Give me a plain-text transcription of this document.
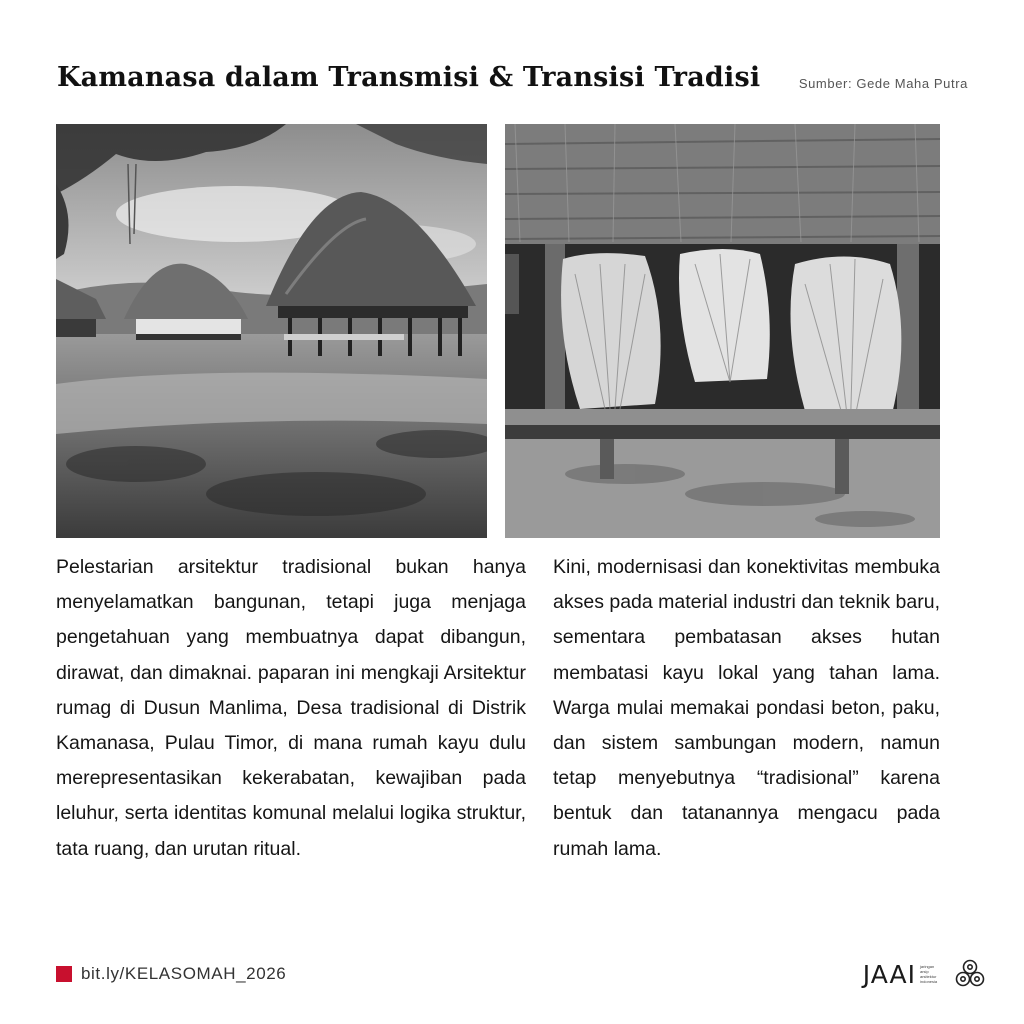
Kamanasa dalam Transmisi & Transisi Tradisi	Sumber: Gede Maha Putra

Pelestarian arsitektur tradisional bukan hanya menyelamatkan bangunan, tetapi juga menjaga pengetahuan yang membuatnya dapat dibangun, dirawat, dan dimaknai. paparan ini mengkaji Arsitektur rumag di Dusun Manlima, Desa tradisional di Distrik Kamanasa, Pulau Timor, di mana rumah kayu dulu merepresentasikan kekerabatan, kewajiban pada leluhur, serta identitas komunal melalui logika struktur, tata ruang, dan urutan ritual.

Kini, modernisasi dan konektivitas membuka akses pada material industri dan teknik baru, sementara pembatasan akses hutan membatasi kayu lokal yang tahan lama. Warga mulai memakai pondasi beton, paku, dan sistem sambungan modern, namun tetap menyebutnya “tradisional” karena bentuk dan tatanannya mengacu pada rumah lama.

bit.ly/KELASOMAH_2026	JAAI jaringan arsip arsitektur indonesia
